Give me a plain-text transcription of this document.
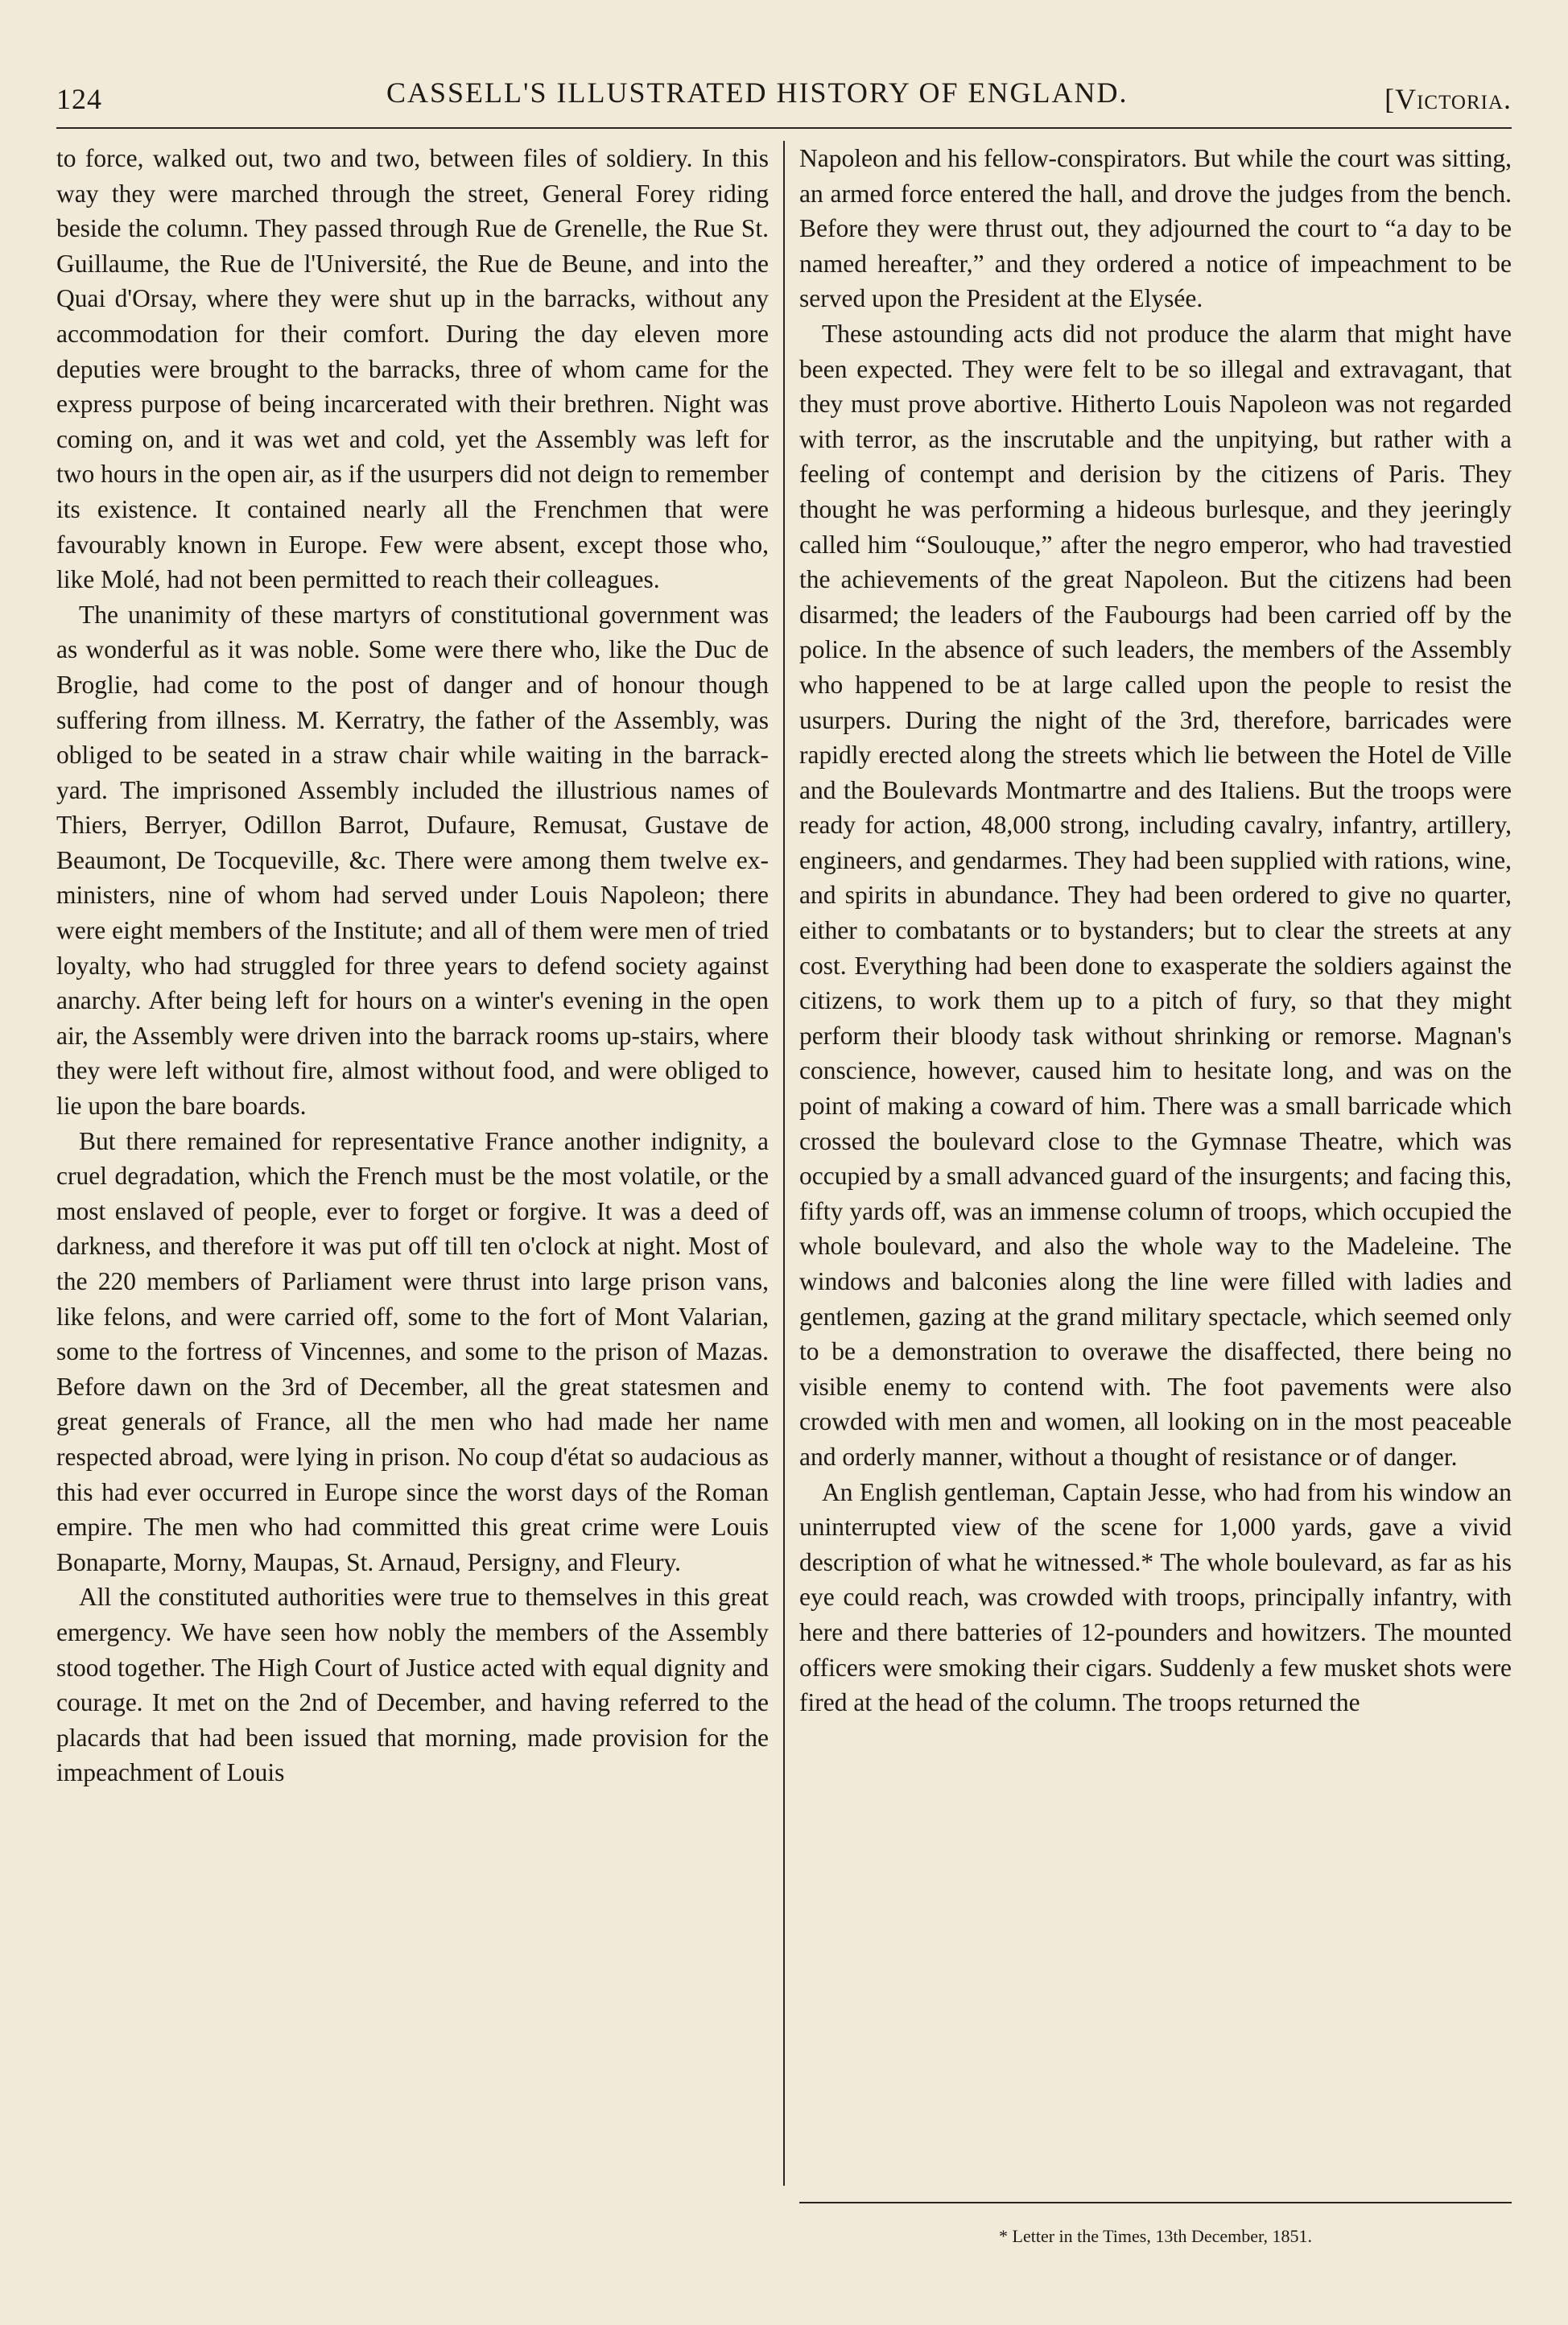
124	CASSELL'S ILLUSTRATED HISTORY OF ENGLAND.	[Victoria.

to force, walked out, two and two, between files of soldiery. In this way they were marched through the street, General Forey riding beside the column. They passed through Rue de Grenelle, the Rue St. Guillaume, the Rue de l'Université, the Rue de Beune, and into the Quai d'Orsay, where they were shut up in the barracks, without any accommodation for their comfort. During the day eleven more deputies were brought to the barracks, three of whom came for the express purpose of being incarcerated with their brethren. Night was coming on, and it was wet and cold, yet the Assembly was left for two hours in the open air, as if the usurpers did not deign to remember its existence. It contained nearly all the Frenchmen that were favourably known in Europe. Few were absent, except those who, like Molé, had not been permitted to reach their colleagues.

The unanimity of these martyrs of constitutional government was as wonderful as it was noble. Some were there who, like the Duc de Broglie, had come to the post of danger and of honour though suffering from illness. M. Kerratry, the father of the Assembly, was obliged to be seated in a straw chair while waiting in the barrack-yard. The imprisoned Assembly included the illustrious names of Thiers, Berryer, Odillon Barrot, Dufaure, Remusat, Gustave de Beaumont, De Tocqueville, &c. There were among them twelve ex-ministers, nine of whom had served under Louis Napoleon; there were eight members of the Institute; and all of them were men of tried loyalty, who had struggled for three years to defend society against anarchy. After being left for hours on a winter's evening in the open air, the Assembly were driven into the barrack rooms up-stairs, where they were left without fire, almost without food, and were obliged to lie upon the bare boards.

But there remained for representative France another indignity, a cruel degradation, which the French must be the most volatile, or the most enslaved of people, ever to forget or forgive. It was a deed of darkness, and therefore it was put off till ten o'clock at night. Most of the 220 members of Parliament were thrust into large prison vans, like felons, and were carried off, some to the fort of Mont Valarian, some to the fortress of Vincennes, and some to the prison of Mazas. Before dawn on the 3rd of December, all the great statesmen and great generals of France, all the men who had made her name respected abroad, were lying in prison. No coup d'état so audacious as this had ever occurred in Europe since the worst days of the Roman empire. The men who had committed this great crime were Louis Bonaparte, Morny, Maupas, St. Arnaud, Persigny, and Fleury.

All the constituted authorities were true to themselves in this great emergency. We have seen how nobly the members of the Assembly stood together. The High Court of Justice acted with equal dignity and courage. It met on the 2nd of December, and having referred to the placards that had been issued that morning, made provision for the impeachment of Louis

Napoleon and his fellow-conspirators. But while the court was sitting, an armed force entered the hall, and drove the judges from the bench. Before they were thrust out, they adjourned the court to “a day to be named hereafter,” and they ordered a notice of impeachment to be served upon the President at the Elysée.

These astounding acts did not produce the alarm that might have been expected. They were felt to be so illegal and extravagant, that they must prove abortive. Hitherto Louis Napoleon was not regarded with terror, as the inscrutable and the unpitying, but rather with a feeling of contempt and derision by the citizens of Paris. They thought he was performing a hideous burlesque, and they jeeringly called him “Soulouque,” after the negro emperor, who had travestied the achievements of the great Napoleon. But the citizens had been disarmed; the leaders of the Faubourgs had been carried off by the police. In the absence of such leaders, the members of the Assembly who happened to be at large called upon the people to resist the usurpers. During the night of the 3rd, therefore, barricades were rapidly erected along the streets which lie between the Hotel de Ville and the Boulevards Montmartre and des Italiens. But the troops were ready for action, 48,000 strong, including cavalry, infantry, artillery, engineers, and gendarmes. They had been supplied with rations, wine, and spirits in abundance. They had been ordered to give no quarter, either to combatants or to bystanders; but to clear the streets at any cost. Everything had been done to exasperate the soldiers against the citizens, to work them up to a pitch of fury, so that they might perform their bloody task without shrinking or remorse. Magnan's conscience, however, caused him to hesitate long, and was on the point of making a coward of him. There was a small barricade which crossed the boulevard close to the Gymnase Theatre, which was occupied by a small advanced guard of the insurgents; and facing this, fifty yards off, was an immense column of troops, which occupied the whole boulevard, and also the whole way to the Madeleine. The windows and balconies along the line were filled with ladies and gentlemen, gazing at the grand military spectacle, which seemed only to be a demonstration to overawe the disaffected, there being no visible enemy to contend with. The foot pavements were also crowded with men and women, all looking on in the most peaceable and orderly manner, without a thought of resistance or of danger.

An English gentleman, Captain Jesse, who had from his window an uninterrupted view of the scene for 1,000 yards, gave a vivid description of what he witnessed.* The whole boulevard, as far as his eye could reach, was crowded with troops, principally infantry, with here and there batteries of 12-pounders and howitzers. The mounted officers were smoking their cigars. Suddenly a few musket shots were fired at the head of the column. The troops returned the

* Letter in the Times, 13th December, 1851.
